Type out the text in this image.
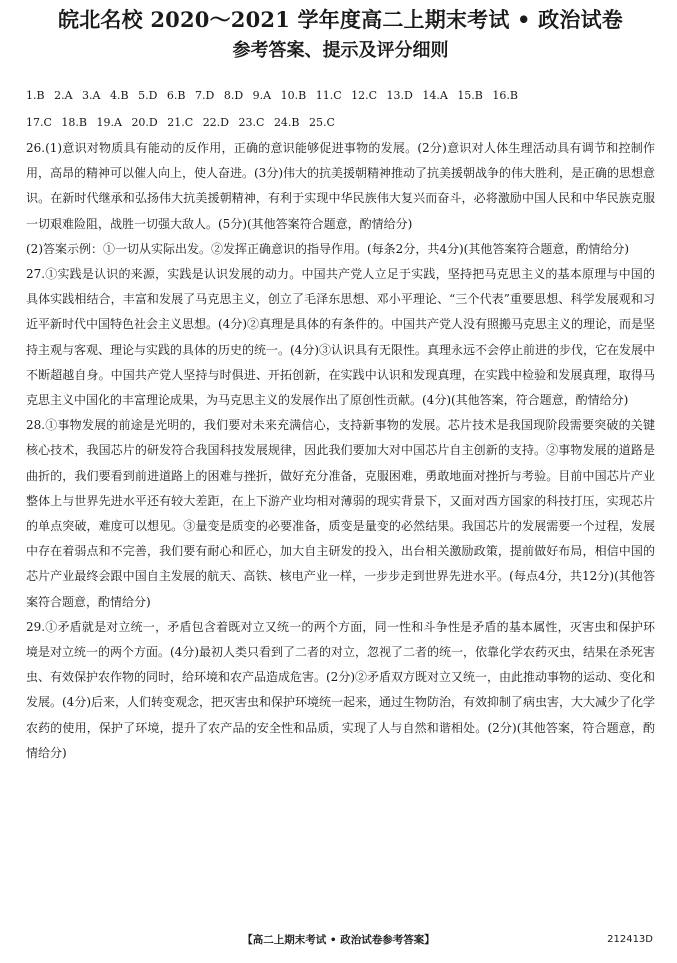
皖北名校 2020～2021 学年度高二上期末考试 • 政治试卷
参考答案、提示及评分细则
1.B 2.A 3.A 4.B 5.D 6.B 7.D 8.D 9.A 10.B 11.C 12.C 13.D 14.A 15.B 16.B
17.C 18.B 19.A 20.D 21.C 22.D 23.C 24.B 25.C

26.(1)意识对物质具有能动的反作用，正确的意识能够促进事物的发展。(2分)意识对人体生理活动具有调节和控制作用，高昂的精神可以催人向上，使人奋进。(3分)伟大的抗美援朝精神推动了抗美援朝战争的伟大胜利，是正确的思想意识。在新时代继承和弘扬伟大抗美援朝精神，有利于实现中华民族伟大复兴而奋斗，必将激励中国人民和中华民族克服一切艰难险阻，战胜一切强大敌人。(5分)(其他答案符合题意，酌情给分)

(2)答案示例：①一切从实际出发。②发挥正确意识的指导作用。(每条2分，共4分)(其他答案符合题意，酌情给分)

27.①实践是认识的来源，实践是认识发展的动力。中国共产党人立足于实践，坚持把马克思主义的基本原理与中国的具体实践相结合，丰富和发展了马克思主义，创立了毛泽东思想、邓小平理论、“三个代表”重要思想、科学发展观和习近平新时代中国特色社会主义思想。(4分)②真理是具体的有条件的。中国共产党人没有照搬马克思主义的理论，而是坚持主观与客观、理论与实践的具体的历史的统一。(4分)③认识具有无限性。真理永远不会停止前进的步伐，它在发展中不断超越自身。中国共产党人坚持与时俱进、开拓创新，在实践中认识和发现真理，在实践中检验和发展真理，取得马克思主义中国化的丰富理论成果，为马克思主义的发展作出了原创性贡献。(4分)(其他答案，符合题意，酌情给分)

28.①事物发展的前途是光明的，我们要对未来充满信心，支持新事物的发展。芯片技术是我国现阶段需要突破的关键核心技术，我国芯片的研发符合我国科技发展规律，因此我们要加大对中国芯片自主创新的支持。②事物发展的道路是曲折的，我们要看到前进道路上的困难与挫折，做好充分准备，克服困难，勇敢地面对挫折与考验。目前中国芯片产业整体上与世界先进水平还有较大差距，在上下游产业均相对薄弱的现实背景下，又面对西方国家的科技打压，实现芯片的单点突破，难度可以想见。③量变是质变的必要准备，质变是量变的必然结果。我国芯片的发展需要一个过程，发展中存在着弱点和不完善，我们要有耐心和匠心，加大自主研发的投入，出台相关激励政策，提前做好布局，相信中国的芯片产业最终会跟中国自主发展的航天、高铁、核电产业一样，一步步走到世界先进水平。(每点4分，共12分)(其他答案符合题意，酌情给分)

29.①矛盾就是对立统一，矛盾包含着既对立又统一的两个方面，同一性和斗争性是矛盾的基本属性，灭害虫和保护环境是对立统一的两个方面。(4分)最初人类只看到了二者的对立，忽视了二者的统一，依靠化学农药灭虫，结果在杀死害虫、有效保护农作物的同时，给环境和农产品造成危害。(2分)②矛盾双方既对立又统一，由此推动事物的运动、变化和发展。(4分)后来，人们转变观念，把灭害虫和保护环境统一起来，通过生物防治，有效抑制了病虫害，大大减少了化学农药的使用，保护了环境，提升了农产品的安全性和品质，实现了人与自然和谐相处。(2分)(其他答案，符合题意，酌情给分)

【高二上期末考试 • 政治试卷参考答案】	212413D
